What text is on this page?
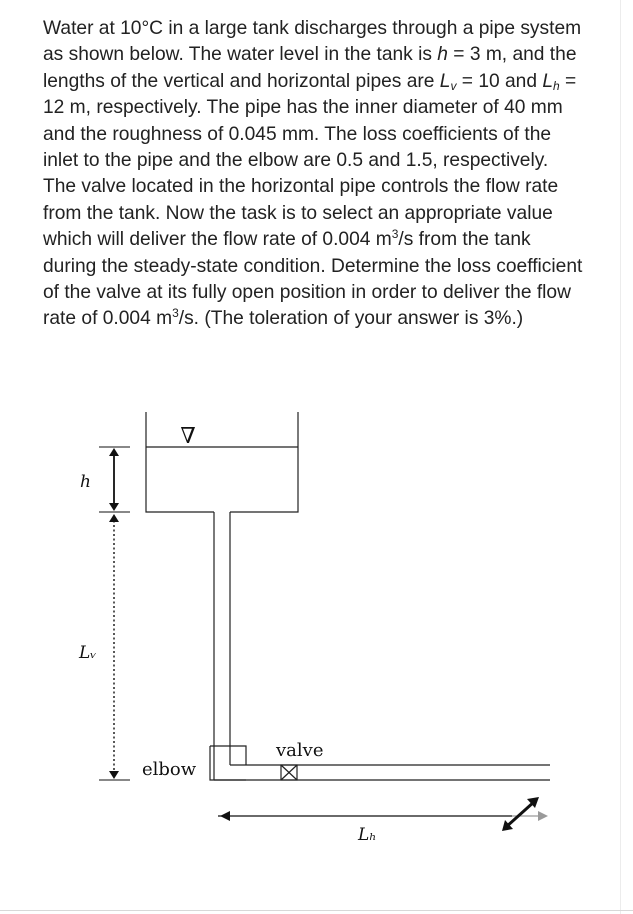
Water at 10°C in a large tank discharges through a pipe system as shown below. The water level in the tank is h = 3 m, and the lengths of the vertical and horizontal pipes are $L_v = 10$ and $L_h = 12$ m, respectively. The pipe has the inner diameter of 40 mm and the roughness of 0.045 mm. The loss coefficients of the inlet to the pipe and the elbow are 0.5 and 1.5, respectively. The valve located in the horizontal pipe controls the flow rate from the tank. Now the task is to select an appropriate value which will deliver the flow rate of 0.004 $m^3/s$ from the tank during the steady-state condition. Determine the loss coefficient of the valve at its fully open position in order to deliver the flow rate of 0.004 $m^3/s$. (The toleration of your answer is 3%.)

∇
h
Lᵥ
elbow
valve
Lₕ
